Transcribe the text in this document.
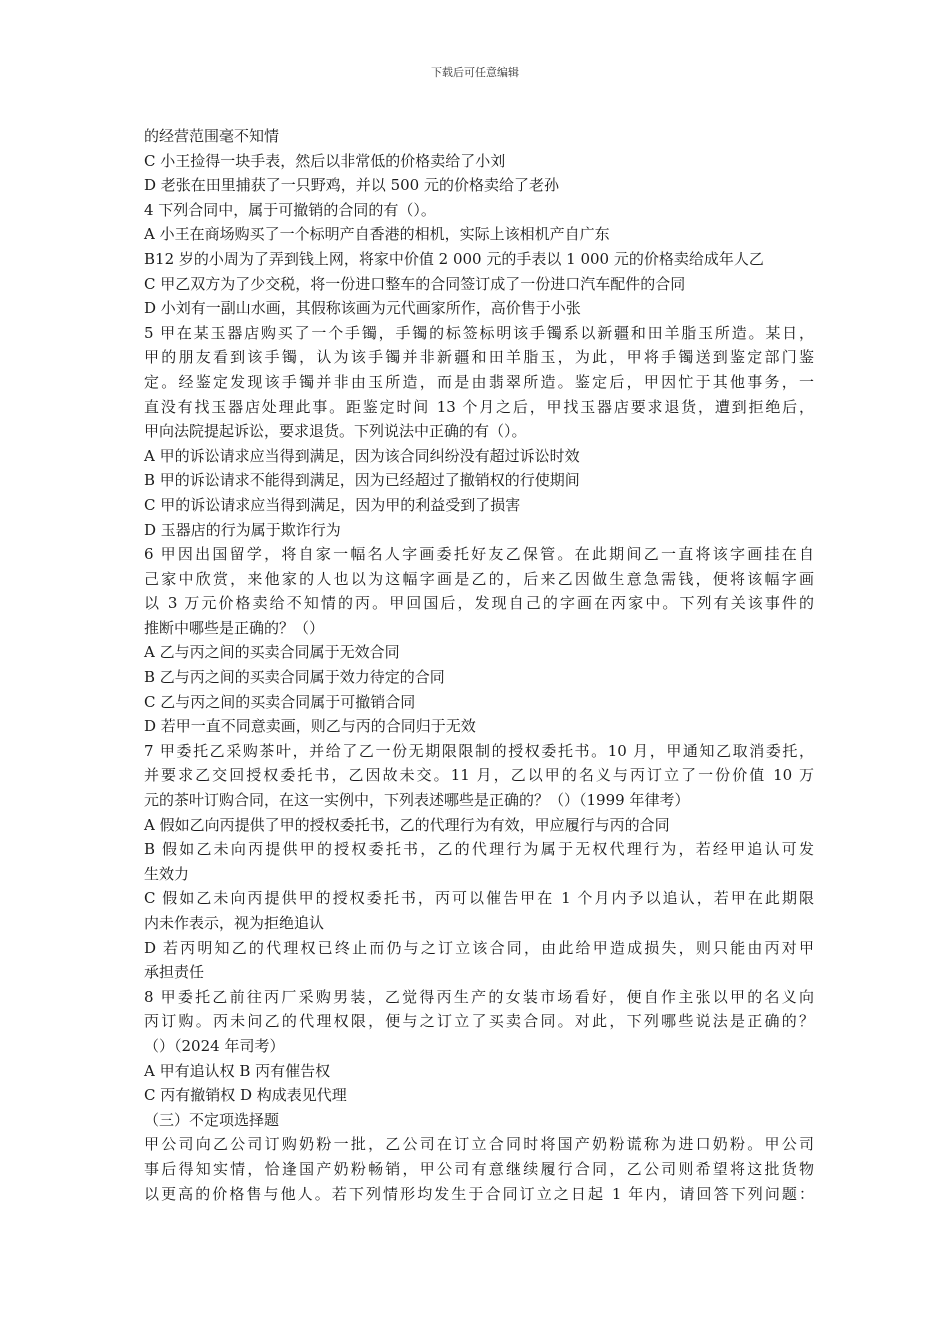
下载后可任意编辑
的经营范围毫不知情
C 小王捡得一块手表，然后以非常低的价格卖给了小刘
D 老张在田里捕获了一只野鸡，并以 500 元的价格卖给了老孙
4 下列合同中，属于可撤销的合同的有（）。
A 小王在商场购买了一个标明产自香港的相机，实际上该相机产自广东
B12 岁的小周为了弄到钱上网，将家中价值 2 000 元的手表以 1 000 元的价格卖给成年人乙
C 甲乙双方为了少交税，将一份进口整车的合同签订成了一份进口汽车配件的合同
D 小刘有一副山水画，其假称该画为元代画家所作，高价售于小张
5 甲在某玉器店购买了一个手镯，手镯的标签标明该手镯系以新疆和田羊脂玉所造。某日，
甲的朋友看到该手镯，认为该手镯并非新疆和田羊脂玉，为此，甲将手镯送到鉴定部门鉴
定。经鉴定发现该手镯并非由玉所造，而是由翡翠所造。鉴定后，甲因忙于其他事务，一
直没有找玉器店处理此事。距鉴定时间 13 个月之后，甲找玉器店要求退货，遭到拒绝后，
甲向法院提起诉讼，要求退货。下列说法中正确的有（）。
A 甲的诉讼请求应当得到满足，因为该合同纠纷没有超过诉讼时效
B 甲的诉讼请求不能得到满足，因为已经超过了撤销权的行使期间
C 甲的诉讼请求应当得到满足，因为甲的利益受到了损害
D 玉器店的行为属于欺诈行为
6 甲因出国留学，将自家一幅名人字画委托好友乙保管。在此期间乙一直将该字画挂在自
己家中欣赏，来他家的人也以为这幅字画是乙的，后来乙因做生意急需钱，便将该幅字画
以 3 万元价格卖给不知情的丙。甲回国后，发现自己的字画在丙家中。下列有关该事件的
推断中哪些是正确的？（）
A 乙与丙之间的买卖合同属于无效合同
B 乙与丙之间的买卖合同属于效力待定的合同
C 乙与丙之间的买卖合同属于可撤销合同
D 若甲一直不同意卖画，则乙与丙的合同归于无效
7 甲委托乙采购茶叶，并给了乙一份无期限限制的授权委托书。10 月，甲通知乙取消委托，
并要求乙交回授权委托书，乙因故未交。11 月，乙以甲的名义与丙订立了一份价值 10 万
元的茶叶订购合同，在这一实例中，下列表述哪些是正确的？（）（1999 年律考）
A 假如乙向丙提供了甲的授权委托书，乙的代理行为有效，甲应履行与丙的合同
B 假如乙未向丙提供甲的授权委托书，乙的代理行为属于无权代理行为，若经甲追认可发
生效力
C 假如乙未向丙提供甲的授权委托书，丙可以催告甲在 1 个月内予以追认，若甲在此期限
内未作表示，视为拒绝追认
D 若丙明知乙的代理权已终止而仍与之订立该合同，由此给甲造成损失，则只能由丙对甲
承担责任
8 甲委托乙前往丙厂采购男装，乙觉得丙生产的女装市场看好，便自作主张以甲的名义向
丙订购。丙未问乙的代理权限，便与之订立了买卖合同。对此，下列哪些说法是正确的？
（）（2024 年司考）
A 甲有追认权 B 丙有催告权
C 丙有撤销权 D 构成表见代理
（三）不定项选择题
甲公司向乙公司订购奶粉一批，乙公司在订立合同时将国产奶粉谎称为进口奶粉。甲公司
事后得知实情，恰逢国产奶粉畅销，甲公司有意继续履行合同，乙公司则希望将这批货物
以更高的价格售与他人。若下列情形均发生于合同订立之日起 1 年内，请回答下列问题：
